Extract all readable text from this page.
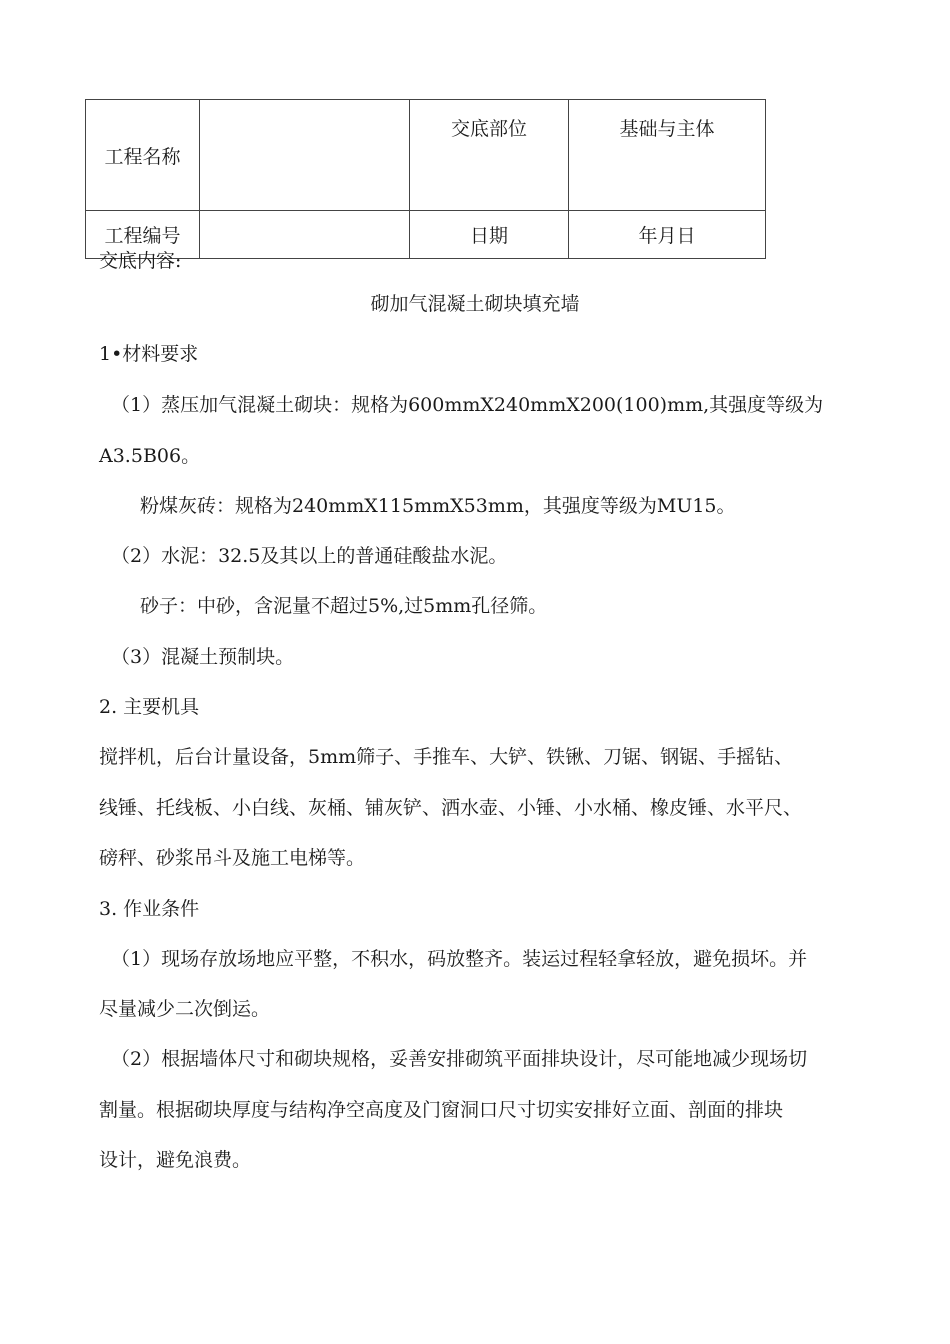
工程名称		交底部位	基础与主体
工程编号		日期	年月日
交底内容:
砌加气混凝土砌块填充墙
1•材料要求
（1）蒸压加气混凝土砌块：规格为600mmX240mmX200(100)mm,其强度等级为
A3.5B06。
粉煤灰砖：规格为240mmX115mmX53mm，其强度等级为MU15。
（2）水泥：32.5及其以上的普通硅酸盐水泥。
砂子：中砂，含泥量不超过5%,过5mm孔径筛。
（3）混凝土预制块。
2. 主要机具
搅拌机，后台计量设备，5mm筛子、手推车、大铲、铁锹、刀锯、钢锯、手摇钻、
线锤、托线板、小白线、灰桶、铺灰铲、洒水壶、小锤、小水桶、橡皮锤、水平尺、
磅秤、砂浆吊斗及施工电梯等。
3. 作业条件
（1）现场存放场地应平整，不积水，码放整齐。装运过程轻拿轻放，避免损坏。并
尽量减少二次倒运。
（2）根据墙体尺寸和砌块规格，妥善安排砌筑平面排块设计，尽可能地减少现场切
割量。根据砌块厚度与结构净空高度及门窗洞口尺寸切实安排好立面、剖面的排块
设计，避免浪费。
